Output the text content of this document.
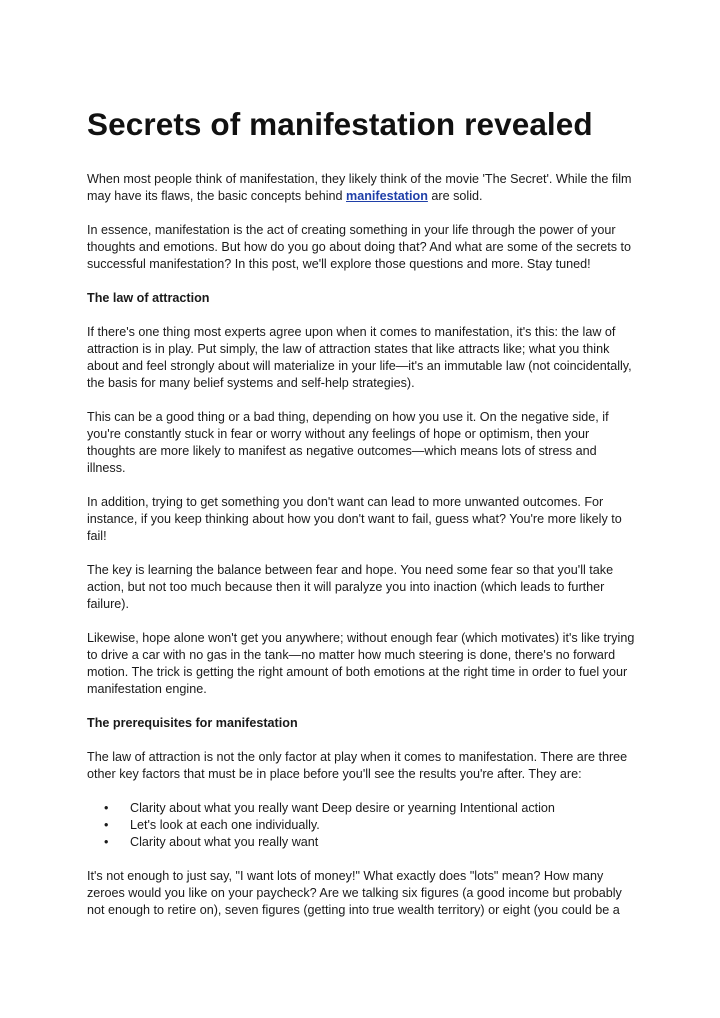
Secrets of manifestation revealed

When most people think of manifestation, they likely think of the movie 'The Secret'. While the film may have its flaws, the basic concepts behind manifestation are solid.

In essence, manifestation is the act of creating something in your life through the power of your thoughts and emotions. But how do you go about doing that? And what are some of the secrets to successful manifestation? In this post, we'll explore those questions and more. Stay tuned!

The law of attraction

If there's one thing most experts agree upon when it comes to manifestation, it's this: the law of attraction is in play. Put simply, the law of attraction states that like attracts like; what you think about and feel strongly about will materialize in your life—it's an immutable law (not coincidentally, the basis for many belief systems and self-help strategies).

This can be a good thing or a bad thing, depending on how you use it. On the negative side, if you're constantly stuck in fear or worry without any feelings of hope or optimism, then your thoughts are more likely to manifest as negative outcomes—which means lots of stress and illness.

In addition, trying to get something you don't want can lead to more unwanted outcomes. For instance, if you keep thinking about how you don't want to fail, guess what? You're more likely to fail!

The key is learning the balance between fear and hope. You need some fear so that you'll take action, but not too much because then it will paralyze you into inaction (which leads to further failure).

Likewise, hope alone won't get you anywhere; without enough fear (which motivates) it's like trying to drive a car with no gas in the tank—no matter how much steering is done, there's no forward motion. The trick is getting the right amount of both emotions at the right time in order to fuel your manifestation engine.

The prerequisites for manifestation

The law of attraction is not the only factor at play when it comes to manifestation. There are three other key factors that must be in place before you'll see the results you're after. They are:

• Clarity about what you really want Deep desire or yearning Intentional action
• Let's look at each one individually.
• Clarity about what you really want

It's not enough to just say, "I want lots of money!" What exactly does "lots" mean? How many zeroes would you like on your paycheck? Are we talking six figures (a good income but probably not enough to retire on), seven figures (getting into true wealth territory) or eight (you could be a
